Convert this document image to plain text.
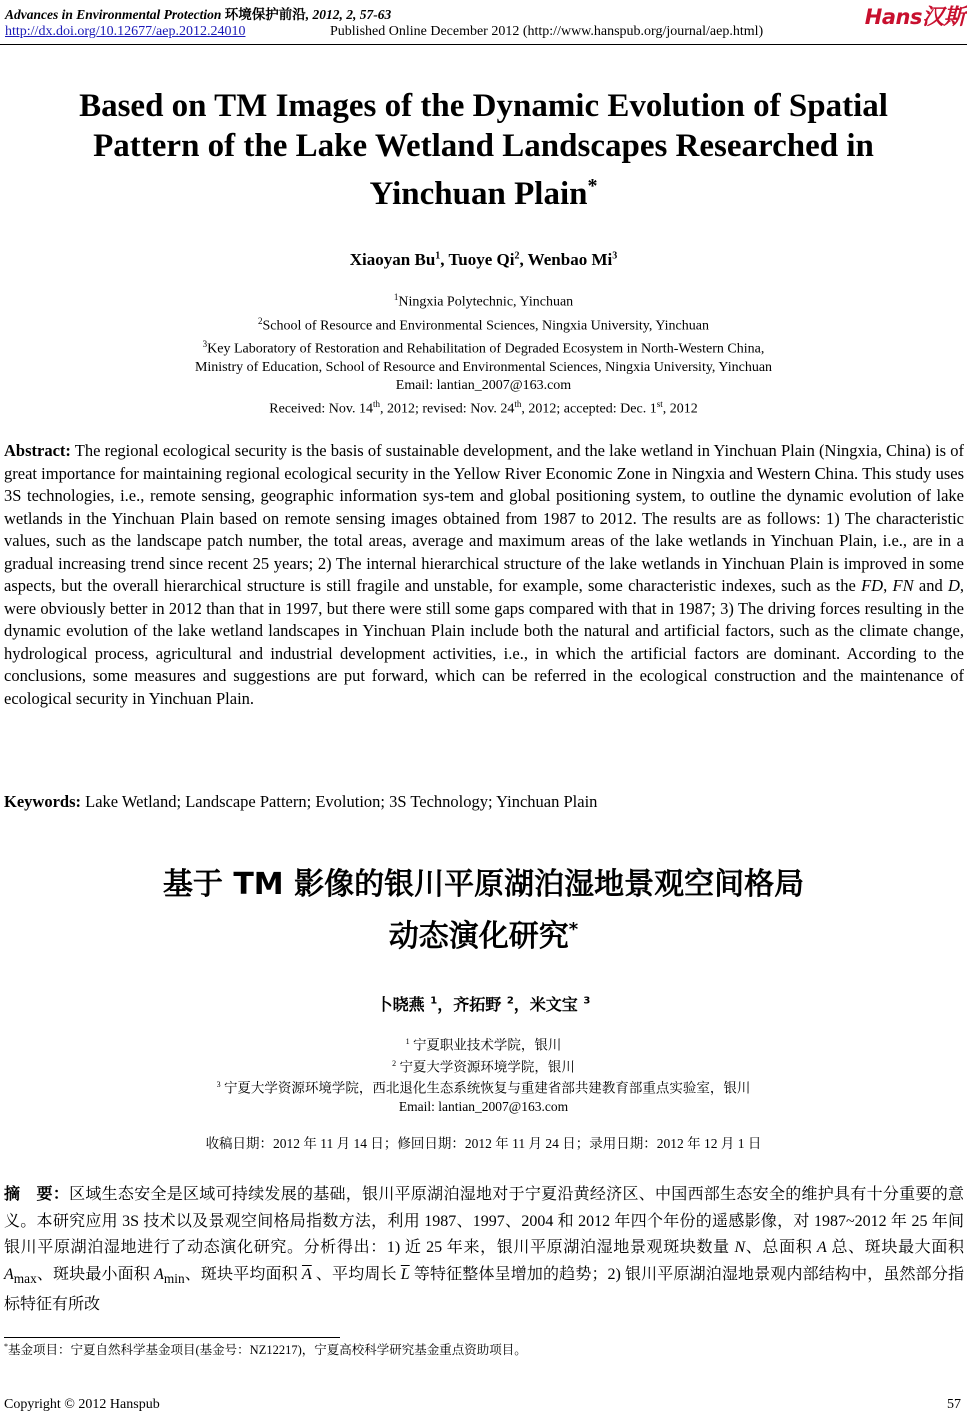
Advances in Environmental Protection 环境保护前沿, 2012, 2, 57-63
http://dx.doi.org/10.12677/aep.2012.24010	Published Online December 2012 (http://www.hanspub.org/journal/aep.html)
Hans汉斯
Based on TM Images of the Dynamic Evolution of Spatial
Pattern of the Lake Wetland Landscapes Researched in
Yinchuan Plain*
Xiaoyan Bu$^1$, Tuoye Qi$^2$, Wenbao Mi$^3$
$^1$Ningxia Polytechnic, Yinchuan
$^2$School of Resource and Environmental Sciences, Ningxia University, Yinchuan
$^3$Key Laboratory of Restoration and Rehabilitation of Degraded Ecosystem in North-Western China,
Ministry of Education, School of Resource and Environmental Sciences, Ningxia University, Yinchuan
Email: lantian_2007@163.com
Received: Nov. 14th, 2012; revised: Nov. 24th, 2012; accepted: Dec. 1st, 2012
Abstract: The regional ecological security is the basis of sustainable development, and the lake wetland in Yinchuan Plain (Ningxia, China) is of great importance for maintaining regional ecological security in the Yellow River Economic Zone in Ningxia and Western China. This study uses 3S technologies, i.e., remote sensing, geographic information sys-tem and global positioning system, to outline the dynamic evolution of lake wetlands in the Yinchuan Plain based on remote sensing images obtained from 1987 to 2012. The results are as follows: 1) The characteristic values, such as the landscape patch number, the total areas, average and maximum areas of the lake wetlands in Yinchuan Plain, i.e., are in a gradual increasing trend since recent 25 years; 2) The internal hierarchical structure of the lake wetlands in Yinchuan Plain is improved in some aspects, but the overall hierarchical structure is still fragile and unstable, for example, some characteristic indexes, such as the FD, FN and D, were obviously better in 2012 than that in 1997, but there were still some gaps compared with that in 1987; 3) The driving forces resulting in the dynamic evolution of the lake wetland landscapes in Yinchuan Plain include both the natural and artificial factors, such as the climate change, hydrological process, agricultural and industrial development activities, i.e., in which the artificial factors are dominant. According to the conclusions, some measures and suggestions are put forward, which can be referred in the ecological construction and the maintenance of ecological security in Yinchuan Plain.
Keywords: Lake Wetland; Landscape Pattern; Evolution; 3S Technology; Yinchuan Plain
基于 TM 影像的银川平原湖泊湿地景观空间格局
动态演化研究*
卜晓燕 $^1$，齐拓野 $^2$，米文宝 $^3$
$^1$ 宁夏职业技术学院，银川
$^2$ 宁夏大学资源环境学院，银川
$^3$ 宁夏大学资源环境学院，西北退化生态系统恢复与重建省部共建教育部重点实验室，银川
Email: lantian_2007@163.com
收稿日期：2012 年 11 月 14 日；修回日期：2012 年 11 月 24 日；录用日期：2012 年 12 月 1 日
摘　要：区域生态安全是区域可持续发展的基础，银川平原湖泊湿地对于宁夏沿黄经济区、中国西部生态安全的维护具有十分重要的意义。本研究应用 3S 技术以及景观空间格局指数方法，利用 1987、1997、2004 和 2012 年四个年份的遥感影像，对 1987~2012 年 25 年间银川平原湖泊湿地进行了动态演化研究。分析得出：1) 近 25 年来，银川平原湖泊湿地景观斑块数量 N、总面积 A 总、斑块最大面积 $A_{max}$、斑块最小面积 $A_{min}$、斑块平均面积 $\overline{A}$ 、平均周长 $\overline{L}$ 等特征整体呈增加的趋势；2) 银川平原湖泊湿地景观内部结构中，虽然部分指标特征有所改
*基金项目：宁夏自然科学基金项目(基金号：NZ12217)，宁夏高校科学研究基金重点资助项目。
Copyright © 2012 Hanspub	57
